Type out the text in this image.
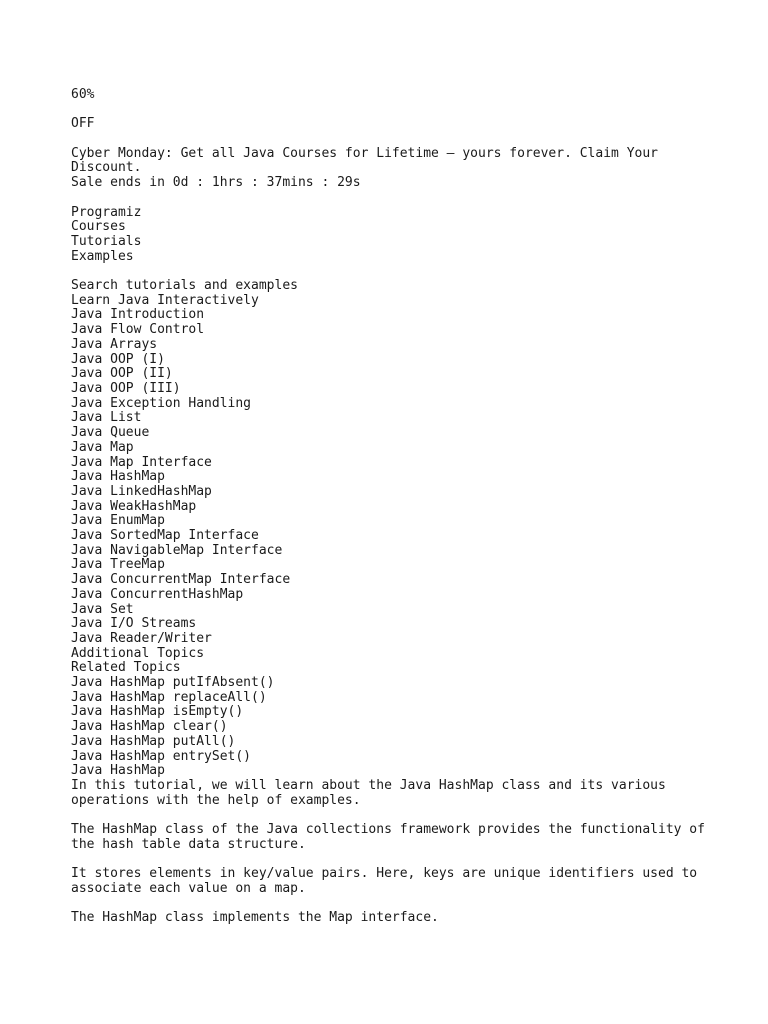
60%
OFF
Cyber Monday: Get all Java Courses for Lifetime – yours forever. Claim Your Discount.
Sale ends in 0d : 1hrs : 37mins : 29s
Programiz
Courses
Tutorials
Examples
Search tutorials and examples
Learn Java Interactively
Java Introduction
Java Flow Control
Java Arrays
Java OOP (I)
Java OOP (II)
Java OOP (III)
Java Exception Handling
Java List
Java Queue
Java Map
Java Map Interface
Java HashMap
Java LinkedHashMap
Java WeakHashMap
Java EnumMap
Java SortedMap Interface
Java NavigableMap Interface
Java TreeMap
Java ConcurrentMap Interface
Java ConcurrentHashMap
Java Set
Java I/O Streams
Java Reader/Writer
Additional Topics
Related Topics
Java HashMap putIfAbsent()
Java HashMap replaceAll()
Java HashMap isEmpty()
Java HashMap clear()
Java HashMap putAll()
Java HashMap entrySet()
Java HashMap

In this tutorial, we will learn about the Java HashMap class and its various operations with the help of examples.

The HashMap class of the Java collections framework provides the functionality of the hash table data structure.

It stores elements in key/value pairs. Here, keys are unique identifiers used to associate each value on a map.

The HashMap class implements the Map interface.
